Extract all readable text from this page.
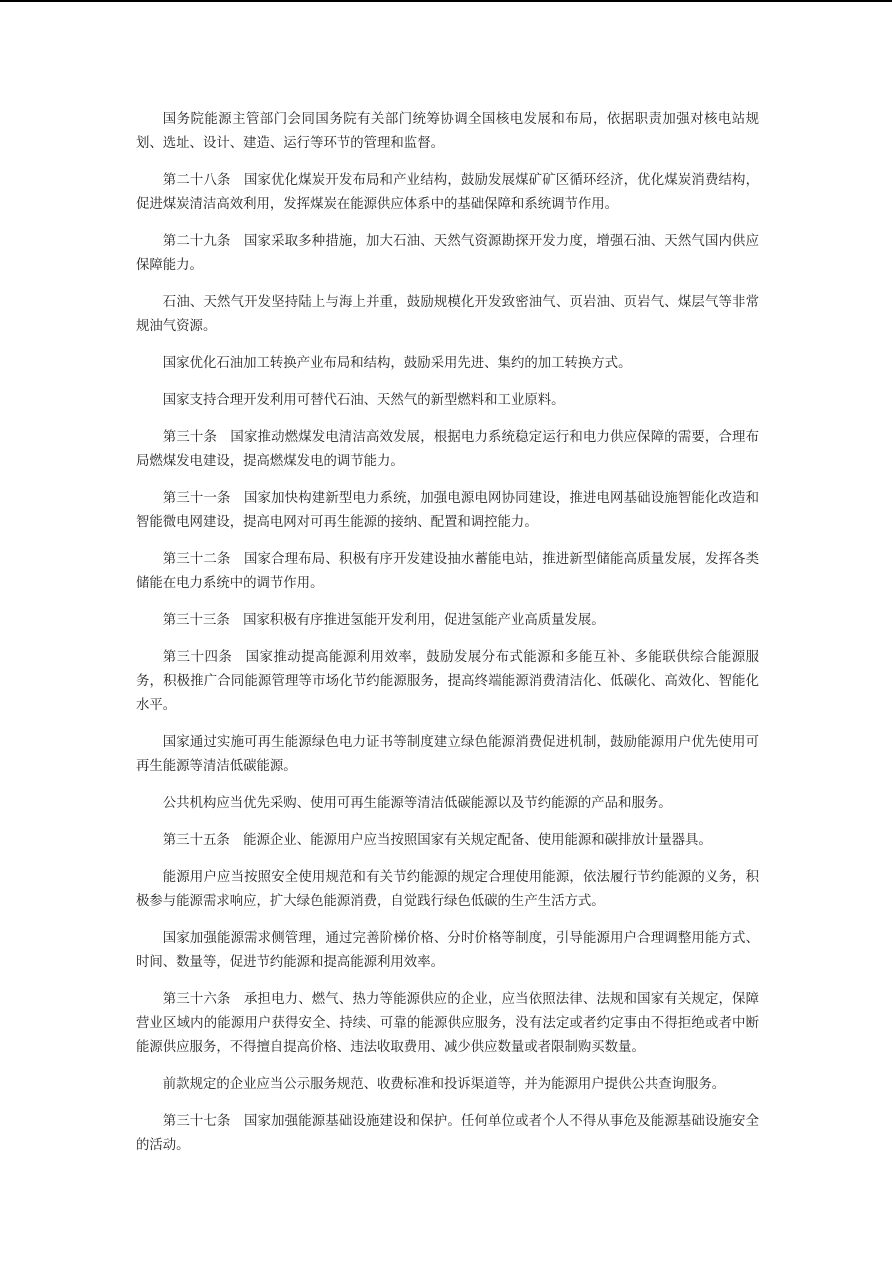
国务院能源主管部门会同国务院有关部门统筹协调全国核电发展和布局，依据职责加强对核电站规划、选址、设计、建造、运行等环节的管理和监督。

第二十八条 国家优化煤炭开发布局和产业结构，鼓励发展煤矿矿区循环经济，优化煤炭消费结构，促进煤炭清洁高效利用，发挥煤炭在能源供应体系中的基础保障和系统调节作用。

第二十九条 国家采取多种措施，加大石油、天然气资源勘探开发力度，增强石油、天然气国内供应保障能力。

石油、天然气开发坚持陆上与海上并重，鼓励规模化开发致密油气、页岩油、页岩气、煤层气等非常规油气资源。

国家优化石油加工转换产业布局和结构，鼓励采用先进、集约的加工转换方式。

国家支持合理开发利用可替代石油、天然气的新型燃料和工业原料。

第三十条 国家推动燃煤发电清洁高效发展，根据电力系统稳定运行和电力供应保障的需要，合理布局燃煤发电建设，提高燃煤发电的调节能力。

第三十一条 国家加快构建新型电力系统，加强电源电网协同建设，推进电网基础设施智能化改造和智能微电网建设，提高电网对可再生能源的接纳、配置和调控能力。

第三十二条 国家合理布局、积极有序开发建设抽水蓄能电站，推进新型储能高质量发展，发挥各类储能在电力系统中的调节作用。

第三十三条 国家积极有序推进氢能开发利用，促进氢能产业高质量发展。

第三十四条 国家推动提高能源利用效率，鼓励发展分布式能源和多能互补、多能联供综合能源服务，积极推广合同能源管理等市场化节约能源服务，提高终端能源消费清洁化、低碳化、高效化、智能化水平。

国家通过实施可再生能源绿色电力证书等制度建立绿色能源消费促进机制，鼓励能源用户优先使用可再生能源等清洁低碳能源。

公共机构应当优先采购、使用可再生能源等清洁低碳能源以及节约能源的产品和服务。

第三十五条 能源企业、能源用户应当按照国家有关规定配备、使用能源和碳排放计量器具。

能源用户应当按照安全使用规范和有关节约能源的规定合理使用能源，依法履行节约能源的义务，积极参与能源需求响应，扩大绿色能源消费，自觉践行绿色低碳的生产生活方式。

国家加强能源需求侧管理，通过完善阶梯价格、分时价格等制度，引导能源用户合理调整用能方式、时间、数量等，促进节约能源和提高能源利用效率。

第三十六条 承担电力、燃气、热力等能源供应的企业，应当依照法律、法规和国家有关规定，保障营业区域内的能源用户获得安全、持续、可靠的能源供应服务，没有法定或者约定事由不得拒绝或者中断能源供应服务，不得擅自提高价格、违法收取费用、减少供应数量或者限制购买数量。

前款规定的企业应当公示服务规范、收费标准和投诉渠道等，并为能源用户提供公共查询服务。

第三十七条 国家加强能源基础设施建设和保护。任何单位或者个人不得从事危及能源基础设施安全的活动。
